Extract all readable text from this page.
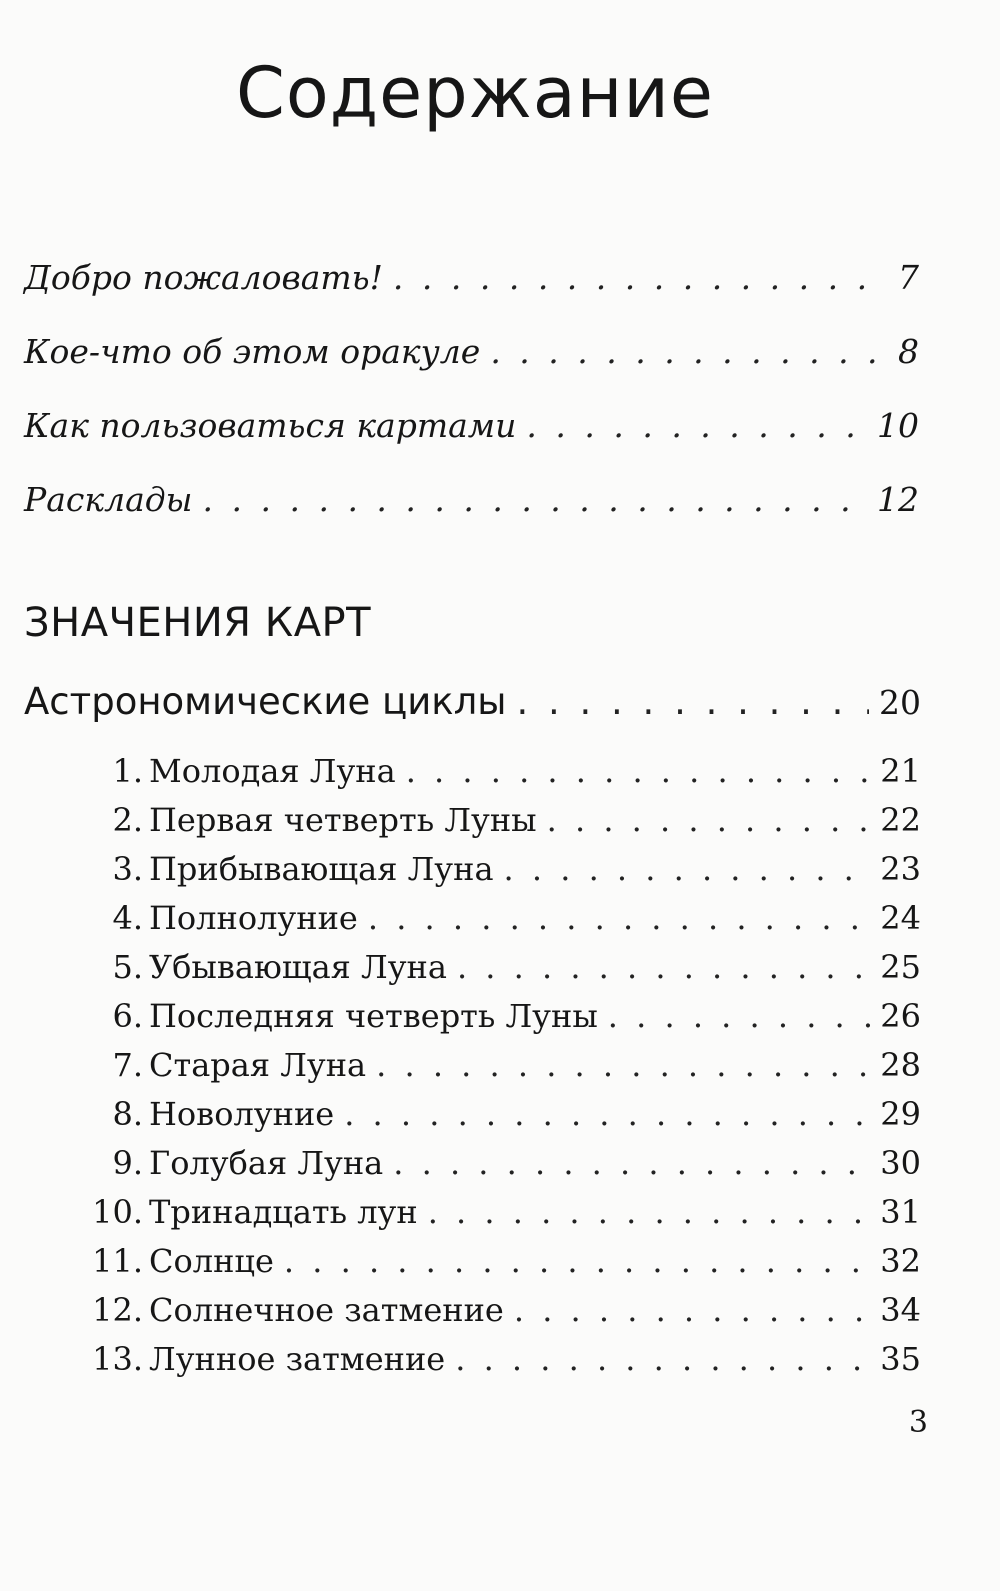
Содержание
Добро пожаловать! . . .	7
Кое-что об этом оракуле . . .	8
Как пользоваться картами . . .	10
Расклады . . .	12
ЗНАЧЕНИЯ КАРТ
Астрономические циклы . . .	20
1. Молодая Луна . . .	21
2. Первая четверть Луны . . .	22
3. Прибывающая Луна . . .	23
4. Полнолуние . . .	24
5. Убывающая Луна . . .	25
6. Последняя четверть Луны . . .	26
7. Старая Луна . . .	28
8. Новолуние . . .	29
9. Голубая Луна . . .	30
10. Тринадцать лун . . .	31
11. Солнце . . .	32
12. Солнечное затмение . . .	34
13. Лунное затмение . . .	35
3
